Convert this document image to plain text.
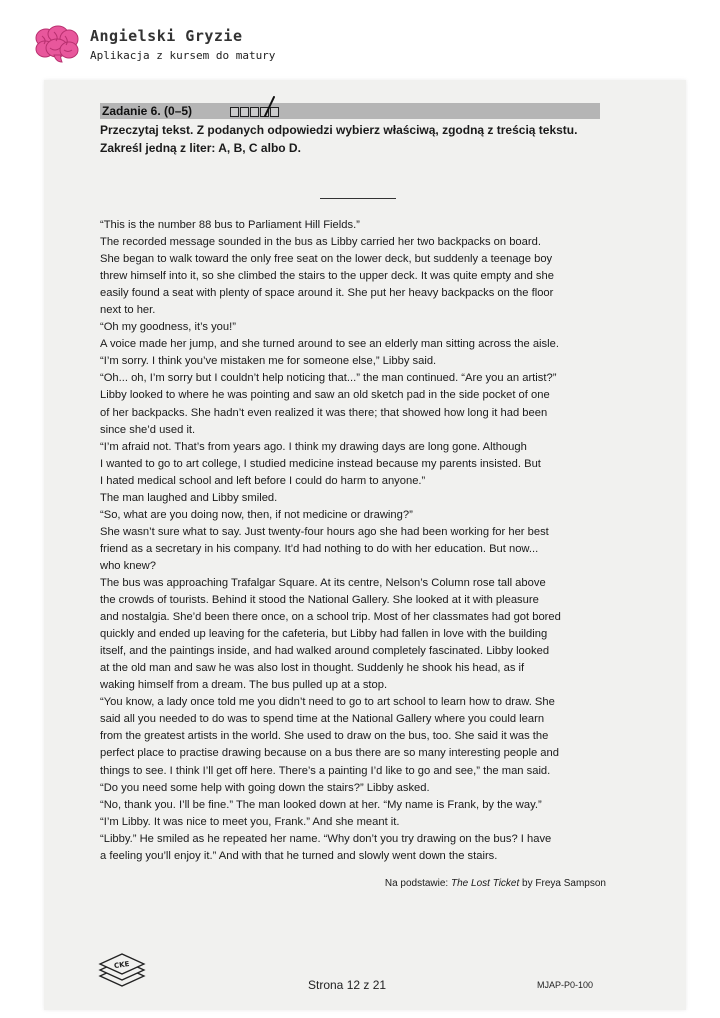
Angielski Gryzie
Aplikacja z kursem do matury
Zadanie 6. (0–5)

Przeczytaj tekst. Z podanych odpowiedzi wybierz właściwą, zgodną z treścią tekstu.

Zakreśl jedną z liter: A, B, C albo D.

“This is the number 88 bus to Parliament Hill Fields.”

The recorded message sounded in the bus as Libby carried her two backpacks on board.

She began to walk toward the only free seat on the lower deck, but suddenly a teenage boy

threw himself into it, so she climbed the stairs to the upper deck. It was quite empty and she

easily found a seat with plenty of space around it. She put her heavy backpacks on the floor

next to her.

“Oh my goodness, it’s you!”

A voice made her jump, and she turned around to see an elderly man sitting across the aisle.

“I’m sorry. I think you’ve mistaken me for someone else,” Libby said.

“Oh... oh, I’m sorry but I couldn’t help noticing that...” the man continued. “Are you an artist?”

Libby looked to where he was pointing and saw an old sketch pad in the side pocket of one

of her backpacks. She hadn’t even realized it was there; that showed how long it had been

since she’d used it.

“I’m afraid not. That’s from years ago. I think my drawing days are long gone. Although

I wanted to go to art college, I studied medicine instead because my parents insisted. But

I hated medical school and left before I could do harm to anyone.”

The man laughed and Libby smiled.

“So, what are you doing now, then, if not medicine or drawing?”

She wasn’t sure what to say. Just twenty-four hours ago she had been working for her best

friend as a secretary in his company. It’d had nothing to do with her education. But now...

who knew?

The bus was approaching Trafalgar Square. At its centre, Nelson’s Column rose tall above

the crowds of tourists. Behind it stood the National Gallery. She looked at it with pleasure

and nostalgia. She’d been there once, on a school trip. Most of her classmates had got bored

quickly and ended up leaving for the cafeteria, but Libby had fallen in love with the building

itself, and the paintings inside, and had walked around completely fascinated. Libby looked

at the old man and saw he was also lost in thought. Suddenly he shook his head, as if

waking himself from a dream. The bus pulled up at a stop.

“You know, a lady once told me you didn’t need to go to art school to learn how to draw. She

said all you needed to do was to spend time at the National Gallery where you could learn

from the greatest artists in the world. She used to draw on the bus, too. She said it was the

perfect place to practise drawing because on a bus there are so many interesting people and

things to see. I think I’ll get off here. There’s a painting I’d like to go and see,” the man said.

“Do you need some help with going down the stairs?” Libby asked.

“No, thank you. I’ll be fine.” The man looked down at her. “My name is Frank, by the way.”

“I’m Libby. It was nice to meet you, Frank.” And she meant it.

“Libby.” He smiled as he repeated her name. “Why don’t you try drawing on the bus? I have

a feeling you’ll enjoy it.” And with that he turned and slowly went down the stairs.

Na podstawie: The Lost Ticket by Freya Sampson
CKE
Strona 12 z 21	MJAP-P0-100
